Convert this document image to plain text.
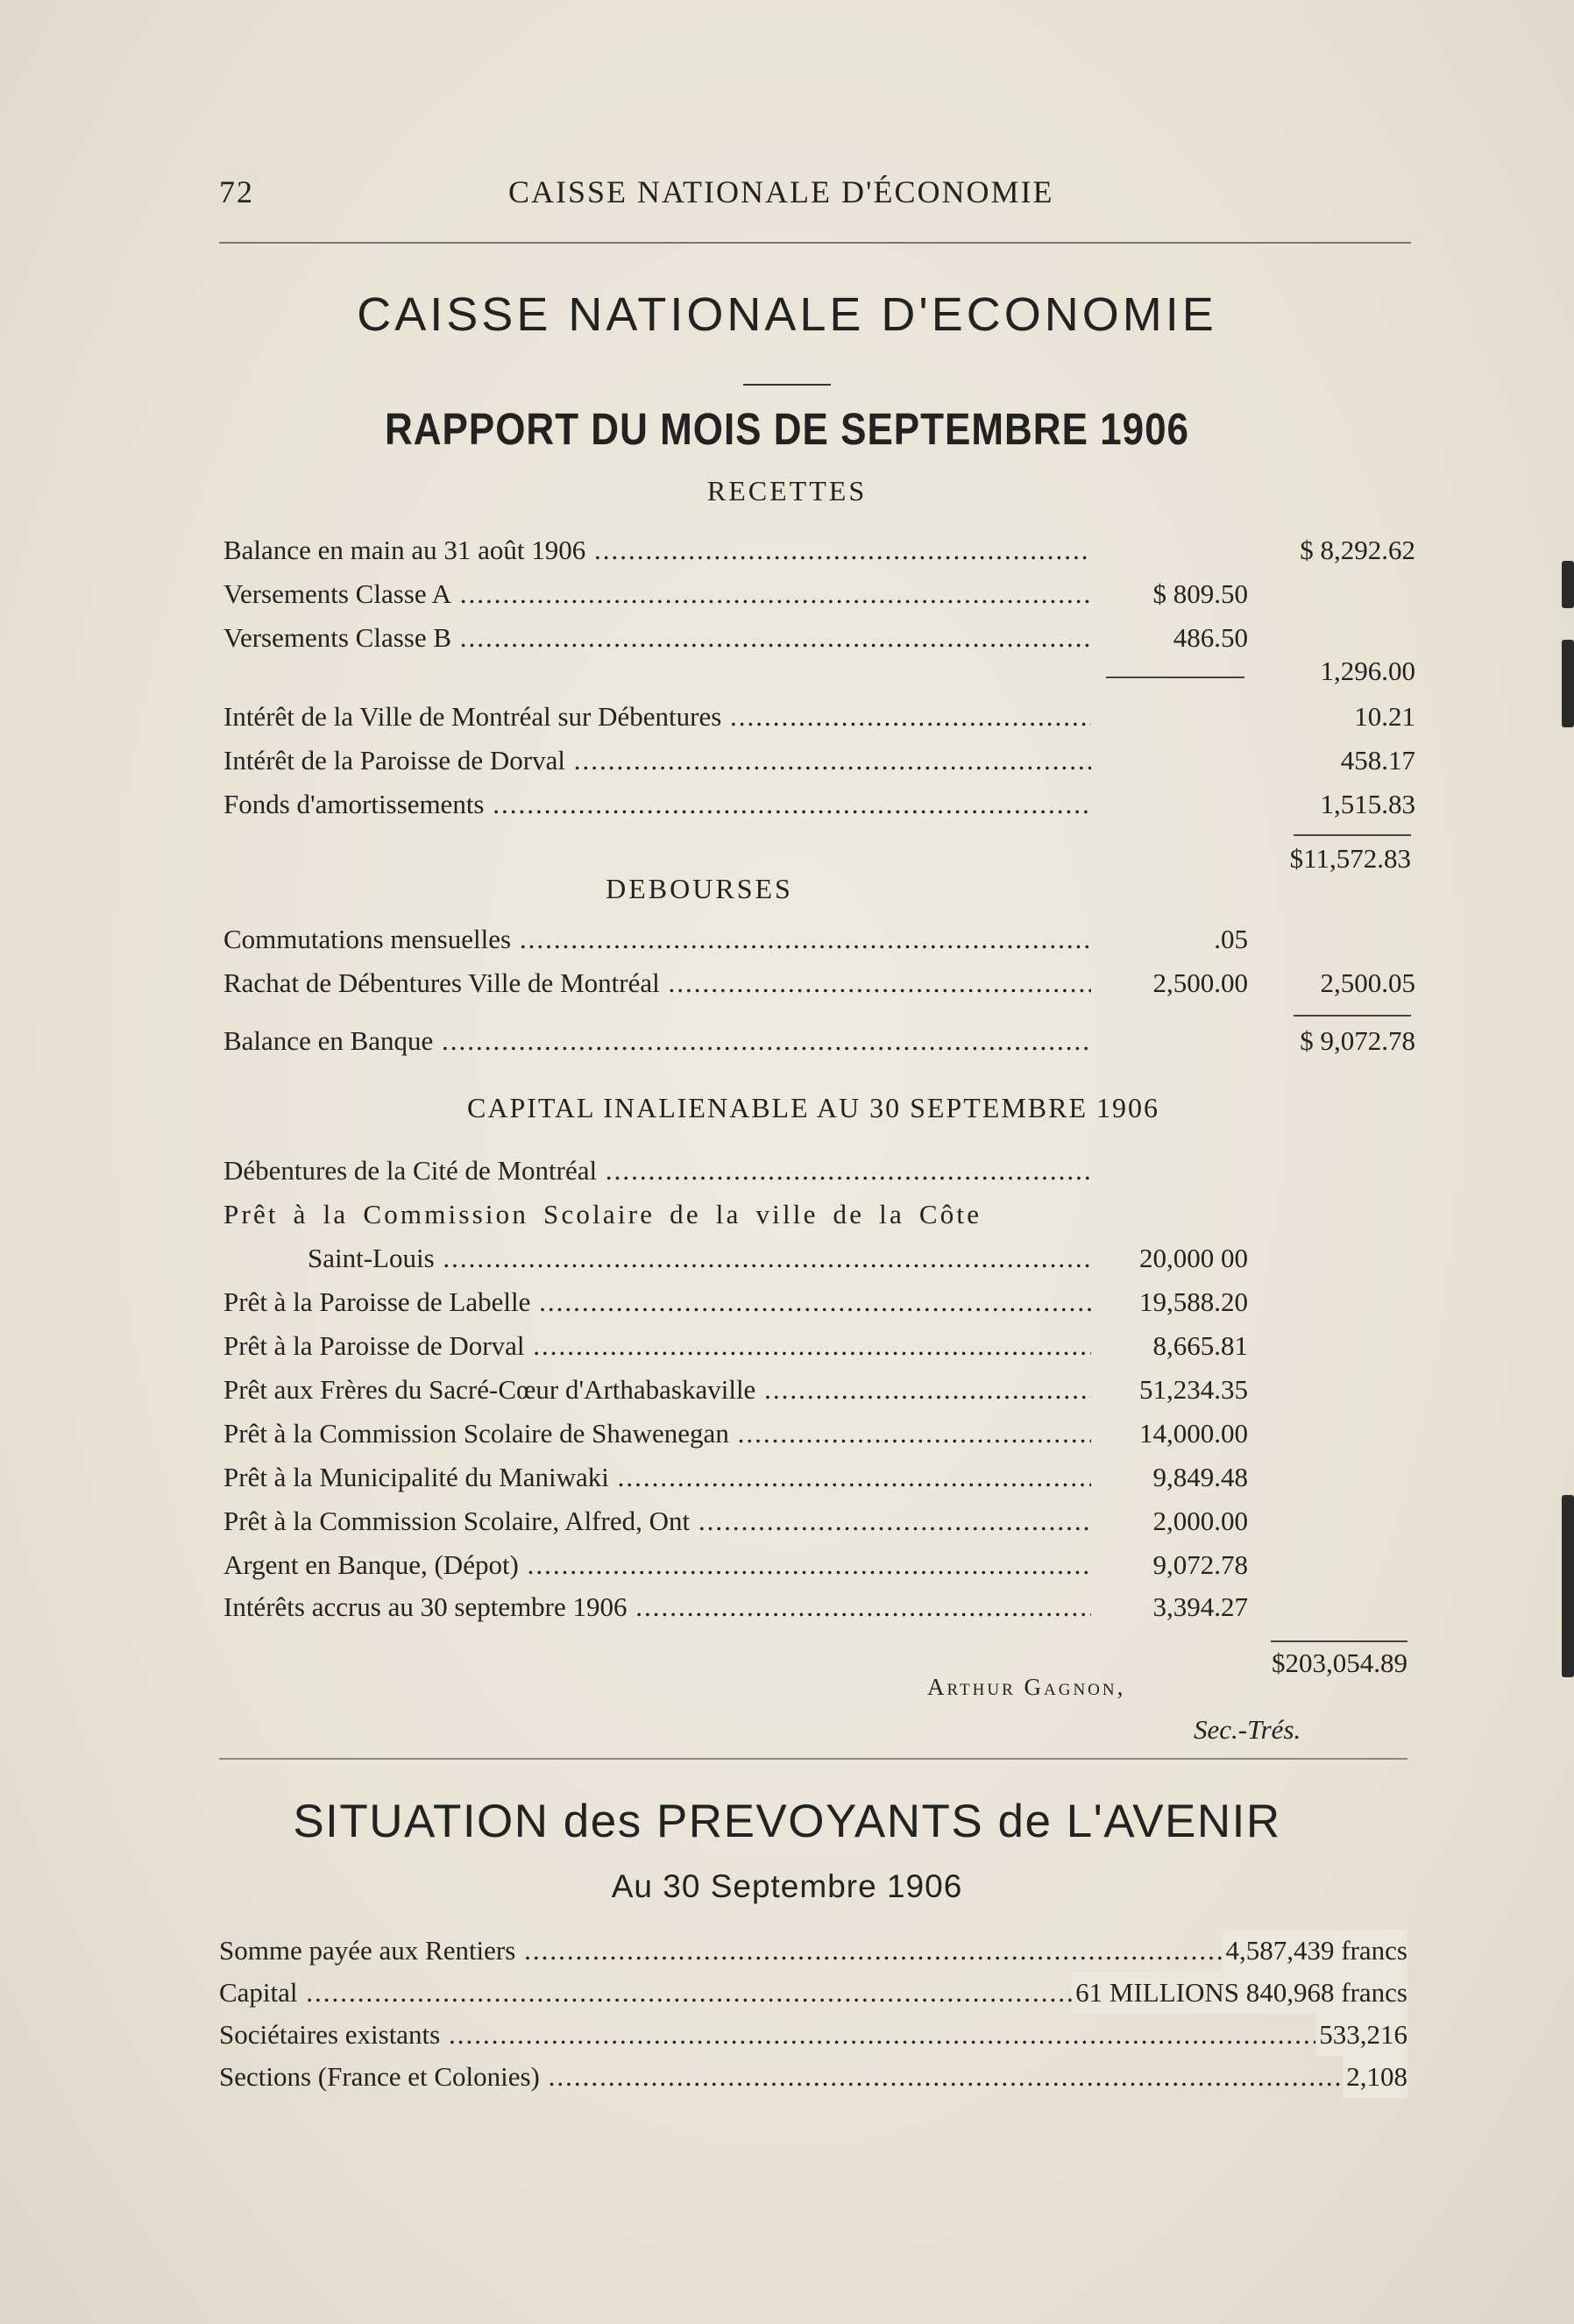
72	CAISSE NATIONALE D'ÉCONOMIE
CAISSE NATIONALE D'ECONOMIE
RAPPORT DU MOIS DE SEPTEMBRE 1906
RECETTES
Balance en main au 31 août 1906 .....	$ 8,292.62
Versements Classe A .....	$ 809.50
Versements Classe B .....	486.50
1,296.00
Intérêt de la Ville de Montréal sur Débentures .....	10.21
Intérêt de la Paroisse de Dorval .....	458.17
Fonds d'amortissements .....	1,515.83
$11,572.83
DEBOURSES
Commutations mensuelles .....	.05
Rachat de Débentures Ville de Montréal .....	2,500.00	2,500.05
Balance en Banque .....	$ 9,072.78
CAPITAL INALIENABLE AU 30 SEPTEMBRE 1906
Débentures de la Cité de Montréal .....
Prêt à la Commission Scolaire de la ville de la Côte
Saint-Louis .....	20,000 00
Prêt à la Paroisse de Labelle .....	19,588.20
Prêt à la Paroisse de Dorval .....	8,665.81
Prêt aux Frères du Sacré-Cœur d'Arthabaskaville .....	51,234.35
Prêt à la Commission Scolaire de Shawenegan .....	14,000.00
Prêt à la Municipalité du Maniwaki .....	9,849.48
Prêt à la Commission Scolaire, Alfred, Ont .....	2,000.00
Argent en Banque, (Dépot) .....	9,072.78
Intérêts accrus au 30 septembre 1906 .....	3,394.27
$203,054.89
Arthur Gagnon,
Sec.-Trés.
SITUATION des PREVOYANTS de L'AVENIR
Au 30 Septembre 1906
Somme payée aux Rentiers .....	4,587,439 francs
Capital .....	61 MILLIONS 840,968 francs
Sociétaires existants .....	533,216
Sections (France et Colonies) .....	2,108
